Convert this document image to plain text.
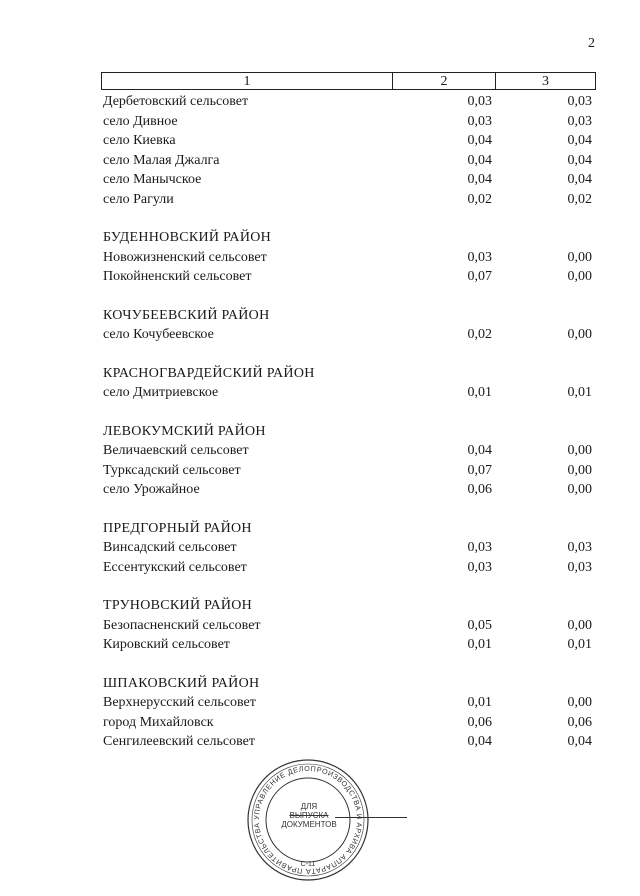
2
1	2	3
Дербетовский сельсовет	0,03	0,03
село Дивное	0,03	0,03
село Киевка	0,04	0,04
село Малая Джалга	0,04	0,04
село Манычское	0,04	0,04
село Рагули	0,02	0,02
БУДЕННОВСКИЙ РАЙОН
Новожизненский сельсовет	0,03	0,00
Покойненский сельсовет	0,07	0,00
КОЧУБЕЕВСКИЙ РАЙОН
село Кочубеевское	0,02	0,00
КРАСНОГВАРДЕЙСКИЙ РАЙОН
село Дмитриевское	0,01	0,01
ЛЕВОКУМСКИЙ РАЙОН
Величаевский сельсовет	0,04	0,00
Турксадский сельсовет	0,07	0,00
село Урожайное	0,06	0,00
ПРЕДГОРНЫЙ РАЙОН
Винсадский сельсовет	0,03	0,03
Ессентукский сельсовет	0,03	0,03
ТРУНОВСКИЙ РАЙОН
Безопасненский сельсовет	0,05	0,00
Кировский сельсовет	0,01	0,01
ШПАКОВСКИЙ РАЙОН
Верхнерусский сельсовет	0,01	0,00
город Михайловск	0,06	0,06
Сенгилеевский сельсовет	0,04	0,04
УПРАВЛЕНИЕ ДЕЛОПРОИЗВОДСТВА И АРХИВА АППАРАТА ПРАВИТЕЛЬСТВА
С-11
ДЛЯ
ВЫПУСКА
ДОКУМЕНТОВ
